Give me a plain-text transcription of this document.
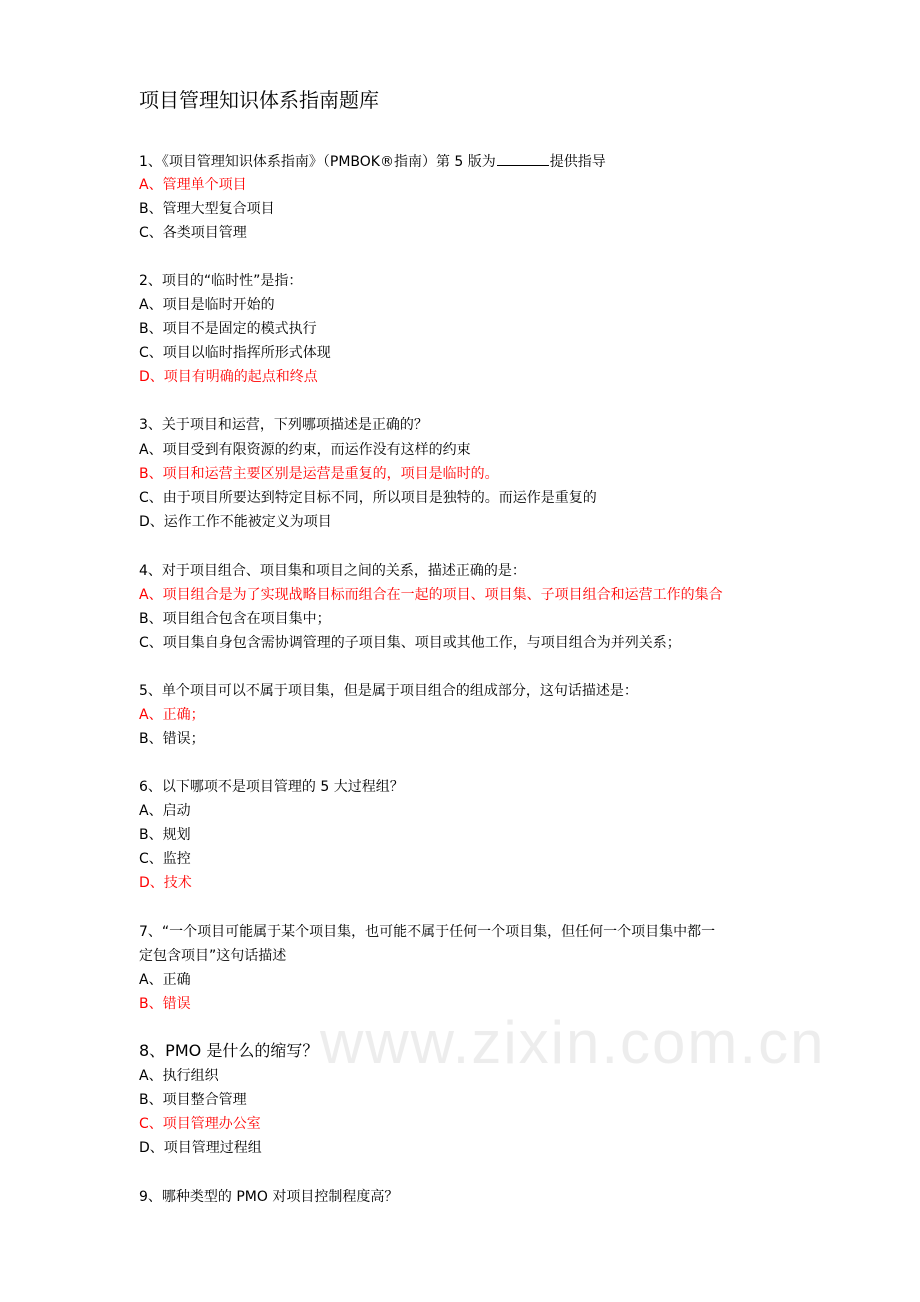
项目管理知识体系指南题库
1、《项目管理知识体系指南》（PMBOK®指南）第 5 版为	提供指导
A、管理单个项目
B、管理大型复合项目
C、各类项目管理
2、项目的“临时性”是指：
A、项目是临时开始的
B、项目不是固定的模式执行
C、项目以临时指挥所形式体现
D、项目有明确的起点和终点
3、关于项目和运营，下列哪项描述是正确的？
A、项目受到有限资源的约束，而运作没有这样的约束
B、项目和运营主要区别是运营是重复的，项目是临时的。
C、由于项目所要达到特定目标不同，所以项目是独特的。而运作是重复的
D、运作工作不能被定义为项目
4、对于项目组合、项目集和项目之间的关系，描述正确的是：
A、项目组合是为了实现战略目标而组合在一起的项目、项目集、子项目组合和运营工作的集合
B、项目组合包含在项目集中；
C、项目集自身包含需协调管理的子项目集、项目或其他工作，与项目组合为并列关系；
5、单个项目可以不属于项目集，但是属于项目组合的组成部分，这句话描述是：
A、正确；
B、错误；
6、以下哪项不是项目管理的 5 大过程组？
A、启动
B、规划
C、监控
D、技术
7、“一个项目可能属于某个项目集，也可能不属于任何一个项目集，但任何一个项目集中都一
定包含项目”这句话描述
A、正确
B、错误
8、PMO 是什么的缩写？
A、执行组织
B、项目整合管理
C、项目管理办公室
D、项目管理过程组
9、哪种类型的 PMO 对项目控制程度高？
www.zixin.com.cn
